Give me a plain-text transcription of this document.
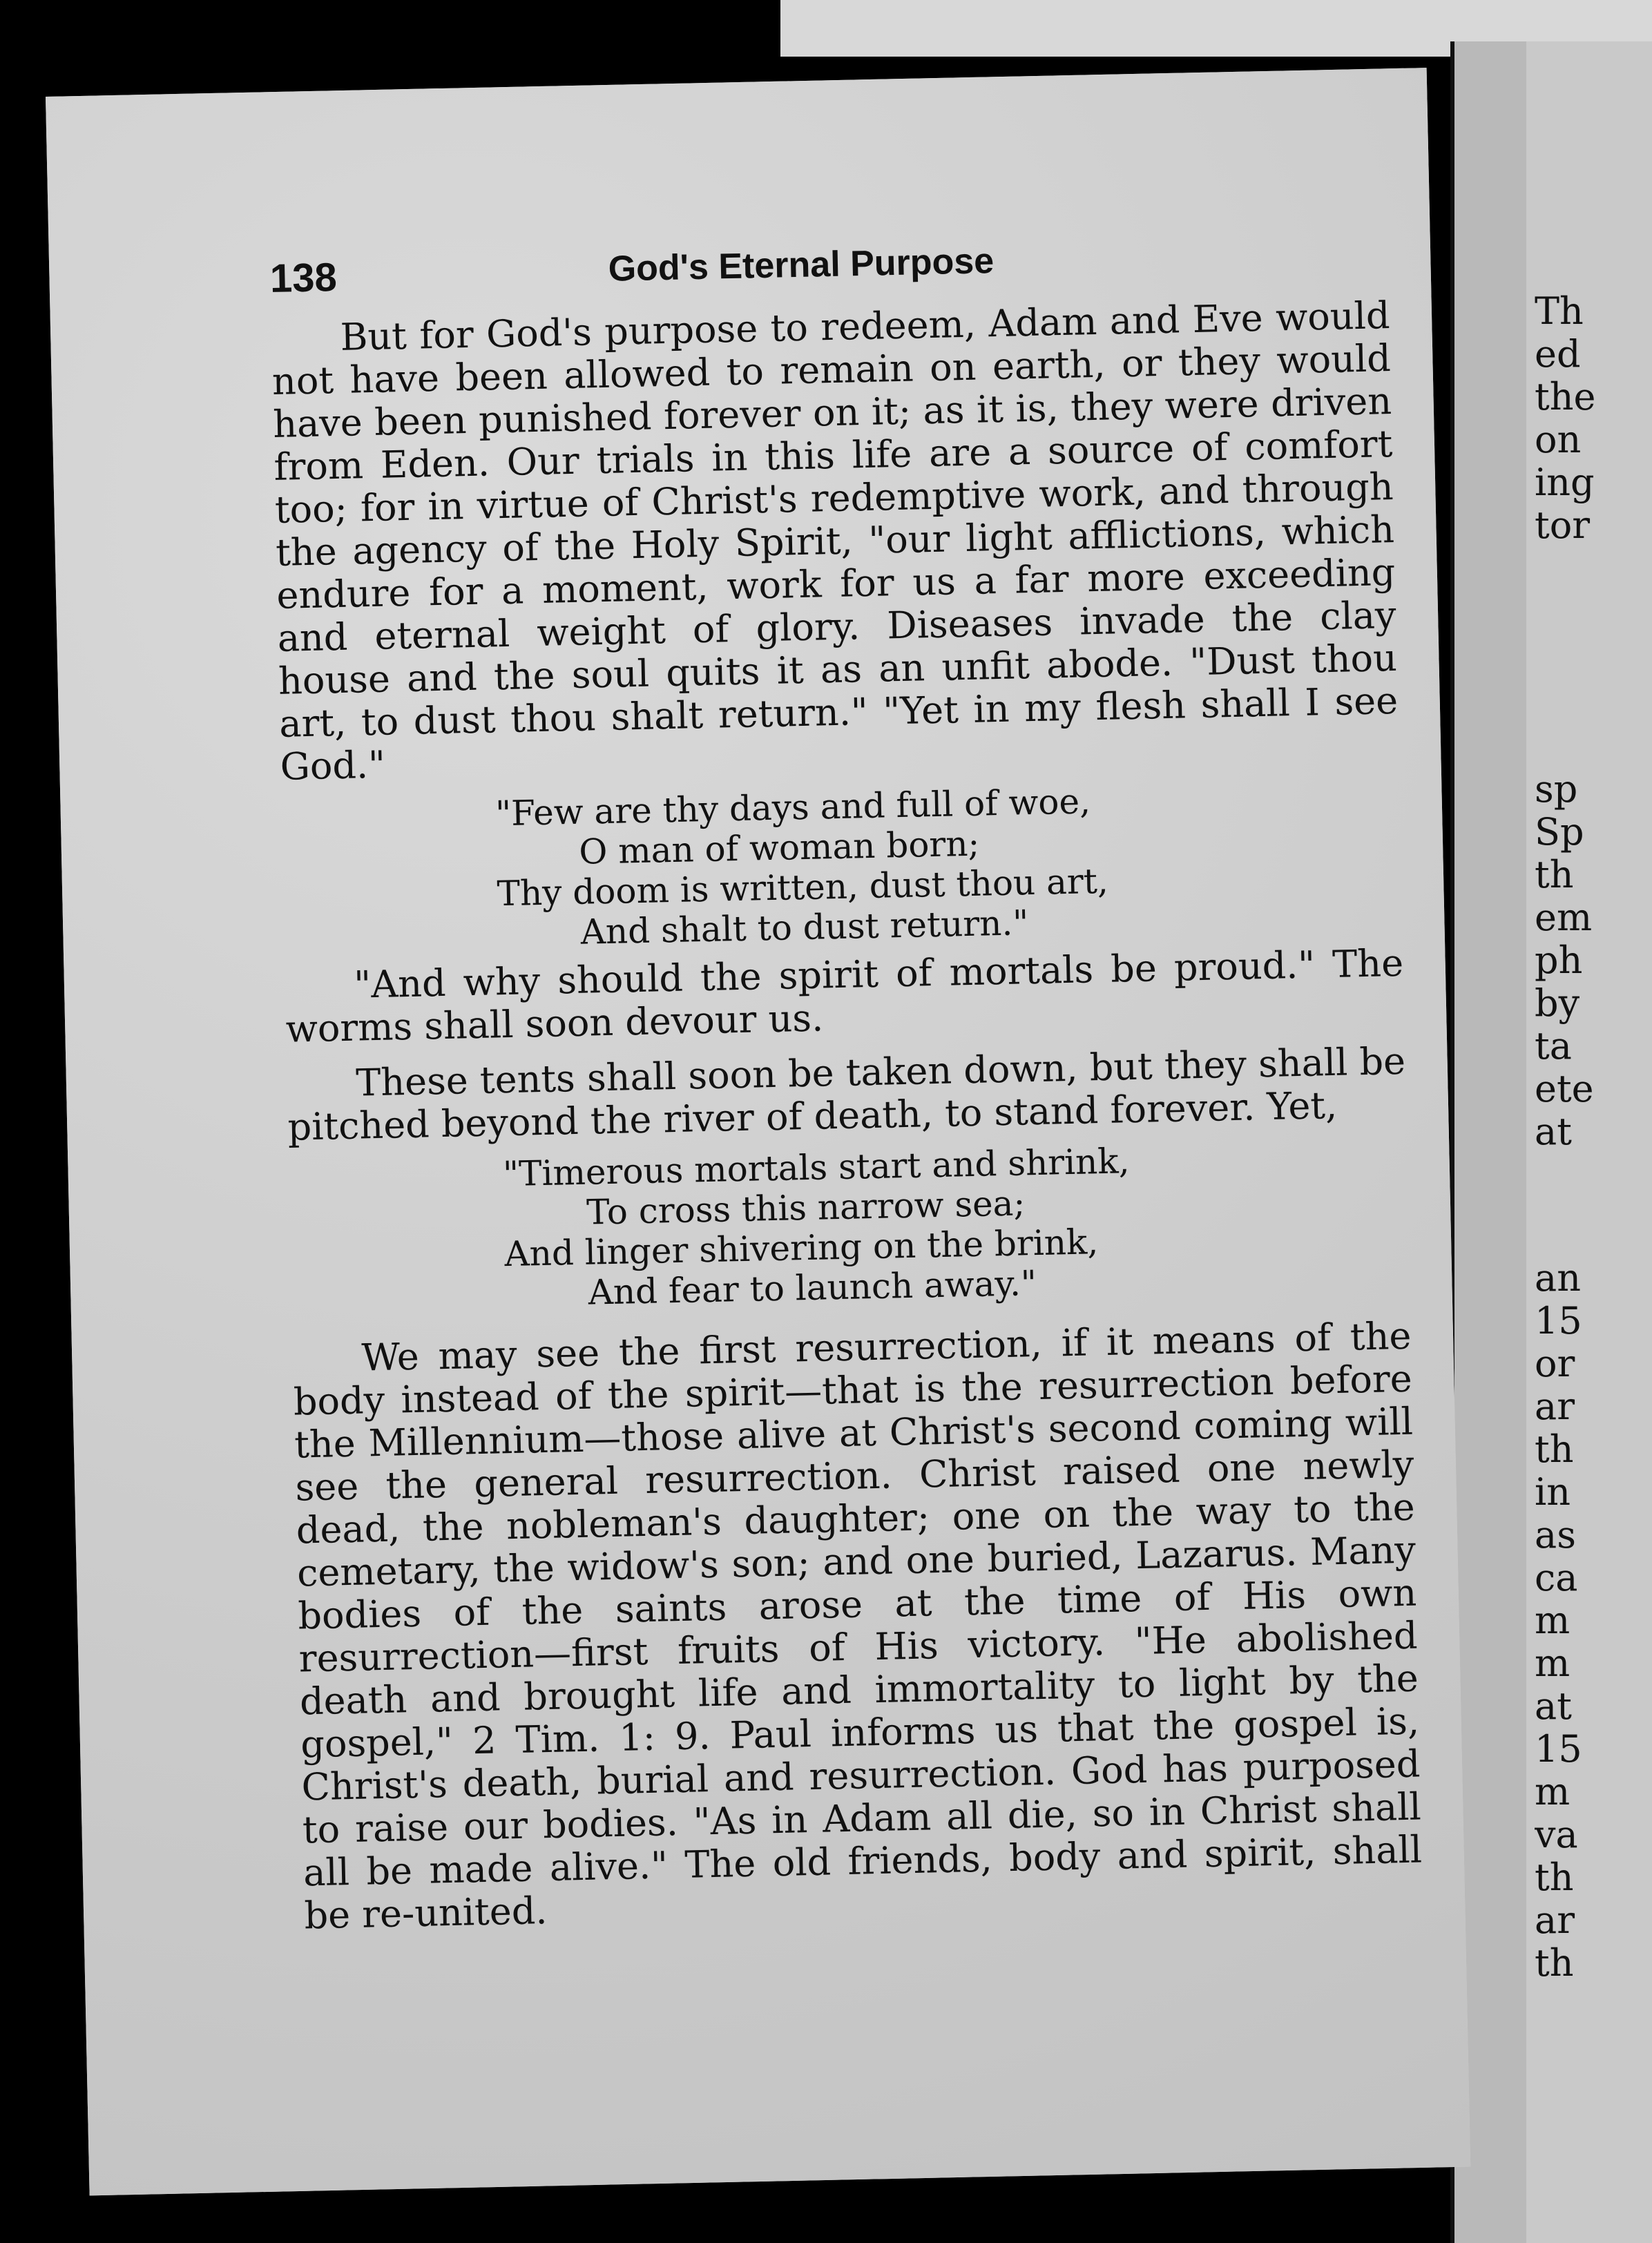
138	God's Eternal Purpose

But for God's purpose to redeem, Adam and Eve would not have been allowed to remain on earth, or they would have been punished forever on it; as it is, they were driven from Eden. Our trials in this life are a source of comfort too; for in virtue of Christ's redemptive work, and through the agency of the Holy Spirit, "our light afflictions, which endure for a moment, work for us a far more exceeding and eternal weight of glory. Diseases invade the clay house and the soul quits it as an unfit abode. "Dust thou art, to dust thou shalt return." "Yet in my flesh shall I see God."

"Few are thy days and full of woe,
O man of woman born;
Thy doom is written, dust thou art,
And shalt to dust return."

"And why should the spirit of mortals be proud." The worms shall soon devour us.

These tents shall soon be taken down, but they shall be pitched beyond the river of death, to stand forever. Yet,

"Timerous mortals start and shrink,
To cross this narrow sea;
And linger shivering on the brink,
And fear to launch away."

We may see the first resurrection, if it means of the body instead of the spirit—that is the resurrection before the Millennium—those alive at Christ's second coming will see the general resurrection. Christ raised one newly dead, the nobleman's daughter; one on the way to the cemetary, the widow's son; and one buried, Lazarus. Many bodies of the saints arose at the time of His own resurrection—first fruits of His victory. "He abolished death and brought life and immortality to light by the gospel," 2 Tim. 1: 9. Paul informs us that the gospel is, Christ's death, burial and resurrection. God has purposed to raise our bodies. "As in Adam all die, so in Christ shall all be made alive." The old friends, body and spirit, shall be re-united.

Th
ed
the
on
ing
tor
sp
Sp
th
em
ph
by
ta
ete
at
an
15
or
ar
th
in
as
ca
m
m
at
15
m
va
th
ar
th
